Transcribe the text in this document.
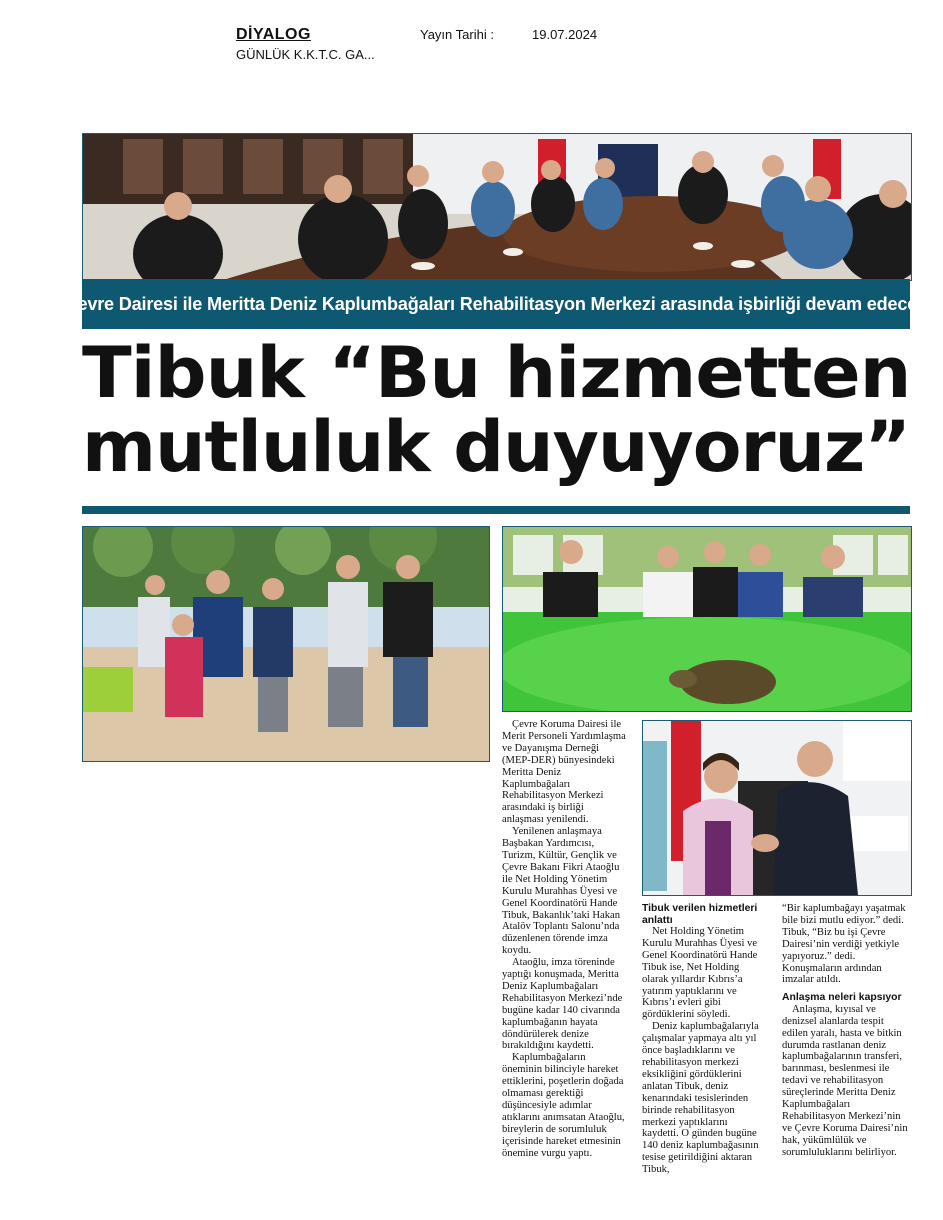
DİYALOG
GÜNLÜK K.K.T.C. GA...
Yayın Tarihi :	19.07.2024
Çevre Dairesi ile Meritta Deniz Kaplumbağaları Rehabilitasyon Merkezi arasında işbirliği devam edecek
Tibuk “Bu hizmetten
mutluluk duyuyoruz”

Çevre Koruma Dairesi ile Merit Personeli Yardımlaşma ve Dayanışma Derneği (MEP-DER) bünyesindeki Meritta Deniz Kaplumbağaları Rehabilitasyon Merkezi arasındaki iş birliği anlaşması yenilendi.

Yenilenen anlaşmaya Başbakan Yardımcısı, Turizm, Kültür, Gençlik ve Çevre Bakanı Fikri Ataoğlu ile Net Holding Yönetim Kurulu Murahhas Üyesi ve Genel Koordinatörü Hande Tibuk, Bakanlık’taki Hakan Atalöv Toplantı Salonu’nda düzenlenen törende imza koydu.

Ataoğlu, imza töreninde yaptığı konuşmada, Meritta Deniz Kaplumbağaları Rehabilitasyon Merkezi’nde bugüne kadar 140 civarında kaplumbağanın hayata döndürülerek denize bırakıldığını kaydetti.

Kaplumbağaların öneminin bilinciyle hareket ettiklerini, poşetlerin doğada olmaması gerektiği düşüncesiyle adımlar atıklarını anımsatan Ataoğlu, bireylerin de sorumluluk içerisinde hareket etmesinin önemine vurgu yaptı.

Tibuk verilen hizmetleri anlattı

Net Holding Yönetim Kurulu Murahhas Üyesi ve Genel Koordinatörü Hande Tibuk ise, Net Holding olarak yıllardır Kıbrıs’a yatırım yaptıklarını ve Kıbrıs’ı evleri gibi gördüklerini söyledi.

Deniz kaplumbağalarıyla çalışmalar yapmaya altı yıl önce başladıklarını ve rehabilitasyon merkezi eksikliğini gördüklerini anlatan Tibuk, deniz kenarındaki tesislerinden birinde rehabilitasyon merkezi yaptıklarını kaydetti. O günden bugüne 140 deniz kaplumbağasının tesise getirildiğini aktaran Tibuk,

“Bir kaplumbağayı yaşatmak bile bizi mutlu ediyor.” dedi.

Tibuk, “Biz bu işi Çevre Dairesi’nin verdiği yetkiyle yapıyoruz.” dedi.

Konuşmaların ardından imzalar atıldı.

Anlaşma neleri kapsıyor

Anlaşma, kıyısal ve denizsel alanlarda tespit edilen yaralı, hasta ve bitkin durumda rastlanan deniz kaplumbağalarının transferi, barınması, beslenmesi ile tedavi ve rehabilitasyon süreçlerinde Meritta Deniz Kaplumbağaları Rehabilitasyon Merkezi’nin ve Çevre Koruma Dairesi’nin hak, yükümlülük ve sorumluluklarını belirliyor.
